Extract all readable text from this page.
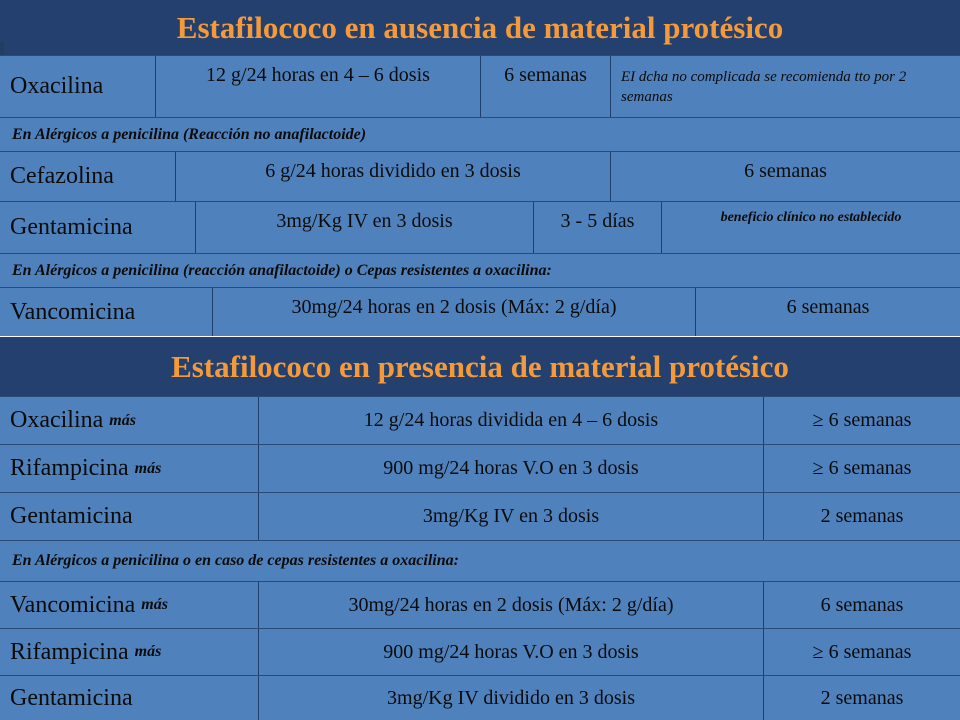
Estafilococo en ausencia de material protésico
Oxacilina	12 g/24 horas en 4 – 6 dosis	6 semanas	EI dcha no complicada se recomienda tto por 2 semanas
En Alérgicos a penicilina (Reacción no anafilactoide)
Cefazolina	6 g/24 horas dividido en 3 dosis	6 semanas
Gentamicina	3mg/Kg IV en 3 dosis	3 - 5 días	beneficio clínico no establecido
En Alérgicos a penicilina (reacción anafilactoide) o Cepas resistentes a oxacilina:
Vancomicina	30mg/24 horas en 2 dosis (Máx: 2 g/día)	6 semanas
Estafilococo en presencia de material protésico
Oxacilina más	12 g/24 horas dividida en 4 – 6 dosis	≥ 6 semanas
Rifampicina más	900 mg/24 horas V.O en 3 dosis	≥ 6 semanas
Gentamicina	3mg/Kg IV en 3 dosis	2 semanas
En Alérgicos a penicilina o en caso de cepas resistentes a oxacilina:
Vancomicina más	30mg/24 horas en 2 dosis (Máx: 2 g/día)	6 semanas
Rifampicina más	900 mg/24 horas V.O en 3 dosis	≥ 6 semanas
Gentamicina	3mg/Kg IV dividido en 3 dosis	2 semanas
